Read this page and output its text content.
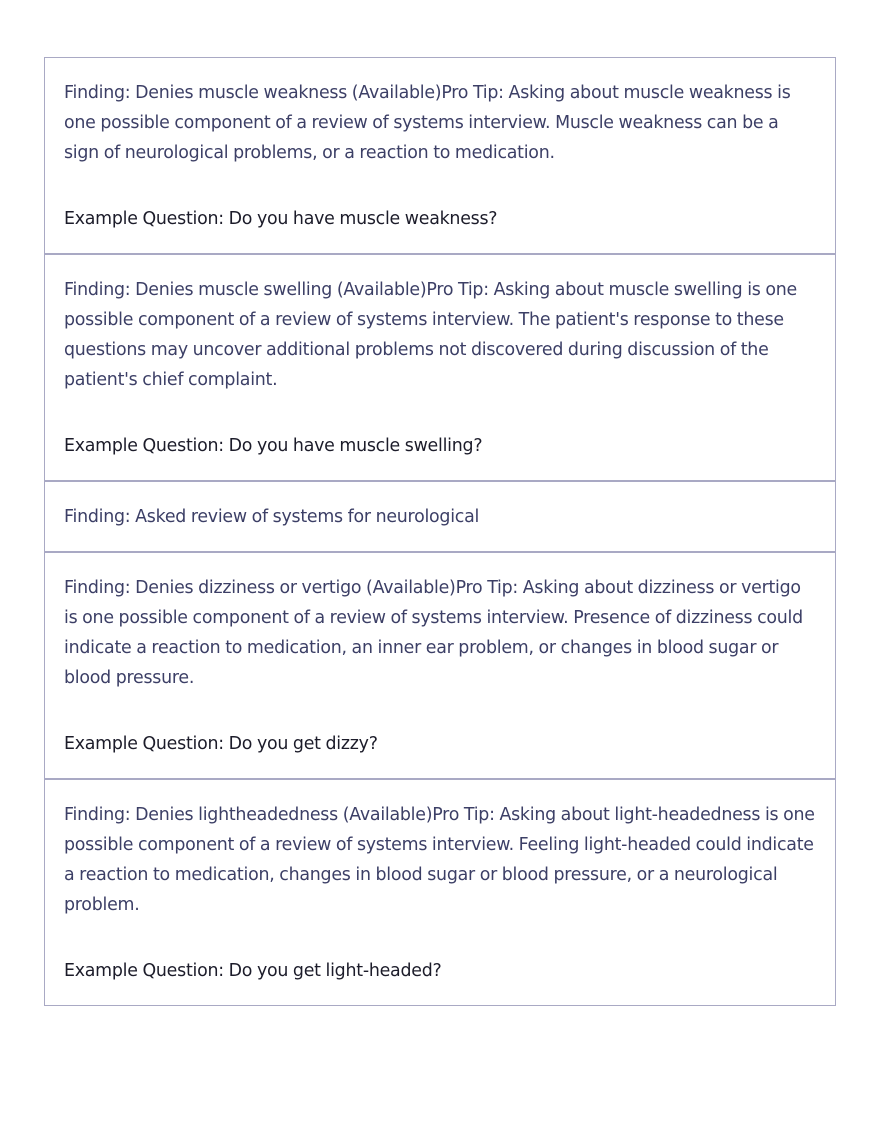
Finding: Denies muscle weakness (Available)Pro Tip: Asking about muscle weakness is one possible component of a review of systems interview. Muscle weakness can be a sign of neurological problems, or a reaction to medication.

Example Question: Do you have muscle weakness?

Finding: Denies muscle swelling (Available)Pro Tip: Asking about muscle swelling is one possible component of a review of systems interview. The patient's response to these questions may uncover additional problems not discovered during discussion of the patient's chief complaint.

Example Question: Do you have muscle swelling?

Finding: Asked review of systems for neurological

Finding: Denies dizziness or vertigo (Available)Pro Tip: Asking about dizziness or vertigo is one possible component of a review of systems interview. Presence of dizziness could indicate a reaction to medication, an inner ear problem, or changes in blood sugar or blood pressure.

Example Question: Do you get dizzy?

Finding: Denies lightheadedness (Available)Pro Tip: Asking about light-headedness is one possible component of a review of systems interview. Feeling light-headed could indicate a reaction to medication, changes in blood sugar or blood pressure, or a neurological problem.

Example Question: Do you get light-headed?
